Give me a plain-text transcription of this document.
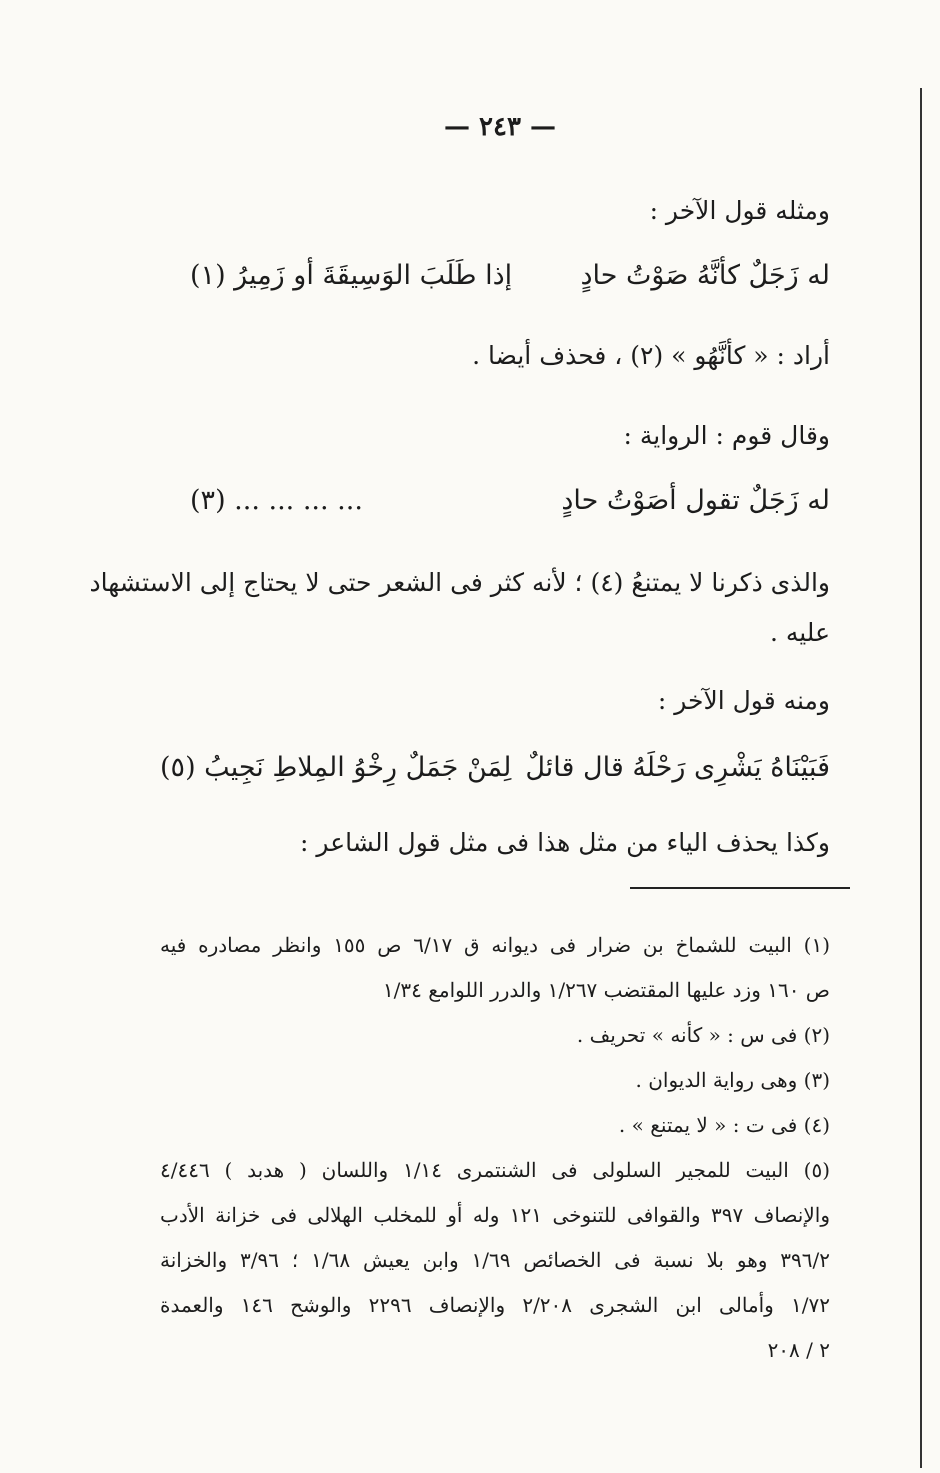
— ٢٤٣ —
ومثله قول الآخر :
له زَجَلٌ كأنَّهُ صَوْتُ حادٍ إذا طَلَبَ الوَسِيقَةَ أو زَمِيرُ (١)
أراد : « كأنَّهُو » (٢) ، فحذف أيضا .
وقال قوم : الرواية :
له زَجَلٌ تقول أصَوْتُ حادٍ ... ... ... ... (٣)
والذى ذكرنا لا يمتنعُ (٤) ؛ لأنه كثر فى الشعر حتى لا يحتاج إلى الاستشهاد
عليه .
ومنه قول الآخر :
فَبَيْنَاهُ يَشْرِى رَحْلَهُ قال قائلٌ لِمَنْ جَمَلٌ رِخْوُ المِلاطِ نَجِيبُ (٥)
وكذا يحذف الياء من مثل هذا فى مثل قول الشاعر :
(١) البيت للشماخ بن ضرار فى ديوانه ق ٦/١٧ ص ١٥٥ وانظر مصادره فيه
ص ١٦٠ وزد عليها المقتضب ١/٢٦٧ والدرر اللوامع ١/٣٤
(٢) فى س : « كأنه » تحريف .
(٣) وهى رواية الديوان .
(٤) فى ت : « لا يمتنع » .
(٥) البيت للمجير السلولى فى الشنتمرى ١/١٤ واللسان ( هدبد ) ٤/٤٤٦
والإنصاف ٣٩٧ والقوافى للتنوخى ١٢١ وله أو للمخلب الهلالى فى خزانة الأدب
٣٩٦/٢ وهو بلا نسبة فى الخصائص ١/٦٩ وابن يعيش ١/٦٨ ؛ ٣/٩٦ والخزانة
١/٧٢ وأمالى ابن الشجرى ٢/٢٠٨ والإنصاف ٢٢٩٦ والوشح ١٤٦ والعمدة
٢ / ٢٠٨
